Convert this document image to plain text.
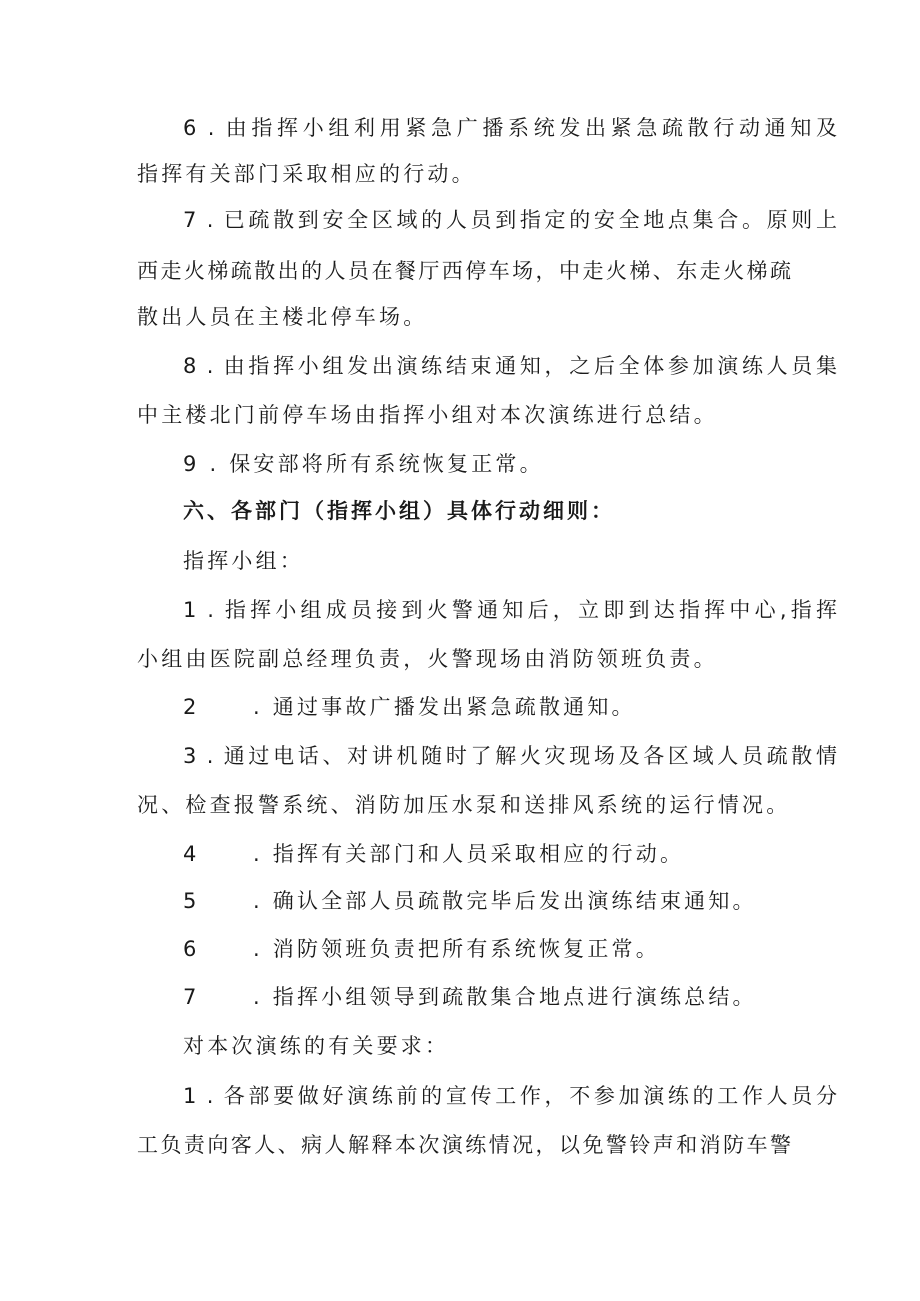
6 . 由指挥小组利用紧急广播系统发出紧急疏散行动通知及
指挥有关部门采取相应的行动。
7 . 已疏散到安全区域的人员到指定的安全地点集合。原则上
西走火梯疏散出的人员在餐厅西停车场，中走火梯、东走火梯疏
散出人员在主楼北停车场。
8 . 由指挥小组发出演练结束通知，之后全体参加演练人员集
中主楼北门前停车场由指挥小组对本次演练进行总结。
9 . 保安部将所有系统恢复正常。
六、各部门（指挥小组）具体行动细则：
指挥小组：
1 . 指挥小组成员接到火警通知后，立即到达指挥中心,指挥
小组由医院副总经理负责，火警现场由消防领班负责。
2	. 通过事故广播发出紧急疏散通知。
3 . 通过电话、对讲机随时了解火灾现场及各区域人员疏散情
况、检查报警系统、消防加压水泵和送排风系统的运行情况。
4	. 指挥有关部门和人员采取相应的行动。
5	. 确认全部人员疏散完毕后发出演练结束通知。
6	. 消防领班负责把所有系统恢复正常。
7	. 指挥小组领导到疏散集合地点进行演练总结。
对本次演练的有关要求：
1 . 各部要做好演练前的宣传工作，不参加演练的工作人员分
工负责向客人、病人解释本次演练情况，以免警铃声和消防车警
